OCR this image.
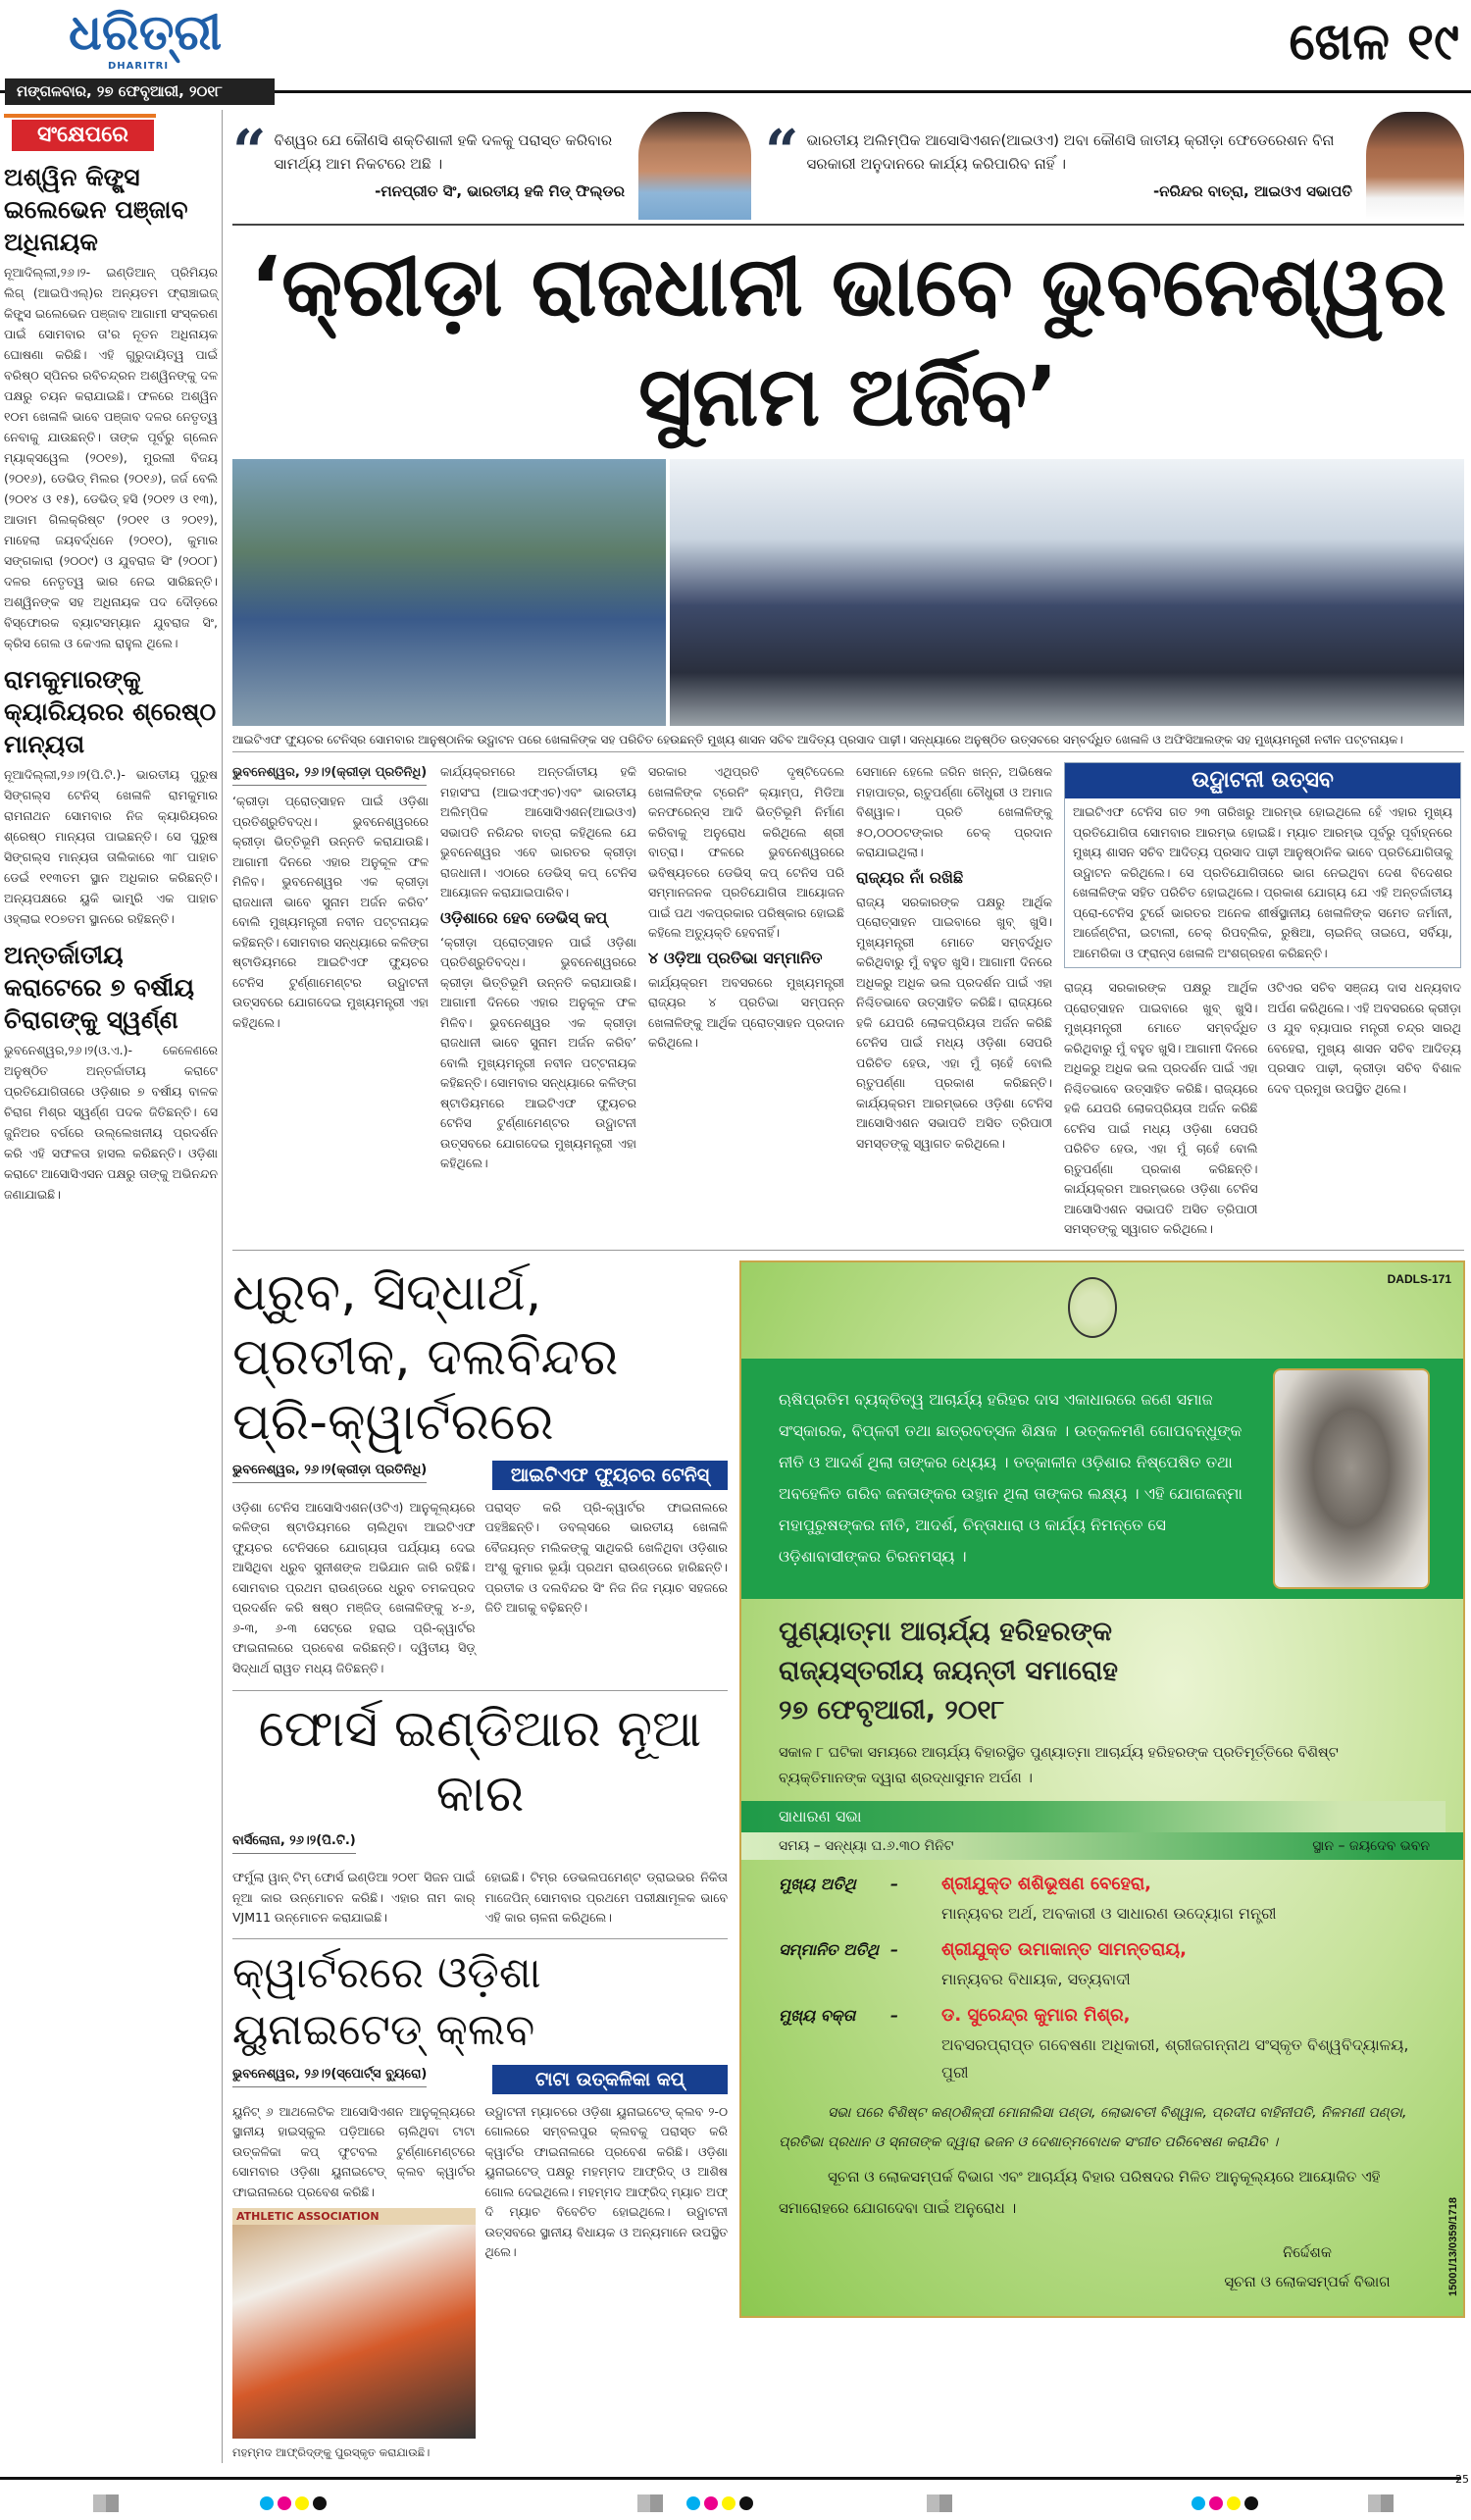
ଧରିତ୍ରୀ
DHARITRI	ଖେଳ ୧୯
ମଙ୍ଗଳବାର, ୨୭ ଫେବୃଆରୀ, ୨୦୧୮
ସଂକ୍ଷେପରେ
ଅଶ୍ୱିନ କିଙ୍ଗ୍ସ ଇଲେଭେନ ପଞ୍ଜାବ ଅଧିନାୟକ

ନୂଆଦିଲ୍ଲୀ,୨୬।୨- ଇଣ୍ଡିଆନ୍ ପ୍ରିମିୟର ଲିଗ୍ (ଆଇପିଏଲ୍)ର ଅନ୍ୟତମ ଫ୍ରାଞ୍ଚାଇଜ୍ କିଙ୍ଗ୍ସ ଇଲେଭେନ ପଞ୍ଜାବ ଆଗାମୀ ସଂସ୍କରଣ ପାଇଁ ସୋମବାର ତା'ର ନୂତନ ଅଧିନାୟକ ଘୋଷଣା କରିଛି। ଏହି ଗୁରୁଦାୟିତ୍ୱ ପାଇଁ ବରିଷ୍ଠ ସ୍ପିନର ରବିଚନ୍ଦ୍ରନ ଅଶ୍ୱିନଙ୍କୁ ଦଳ ପକ୍ଷରୁ ଚୟନ କରାଯାଇଛି। ଫଳରେ ଅଶ୍ୱିନ ୧୦ମ ଖେଳାଳି ଭାବେ ପଞ୍ଜାବ ଦଳର ନେତୃତ୍ୱ ନେବାକୁ ଯାଉଛନ୍ତି। ତାଙ୍କ ପୂର୍ବରୁ ଗ୍ଲେନ ମ୍ୟାକ୍ସୱେଲ (୨୦୧୭), ମୁରଲୀ ବିଜୟ (୨୦୧୬), ଡେଭିଡ୍ ମିଲର (୨୦୧୬), ଜର୍ଜ ବେଲି (୨୦୧୪ ଓ ୧୫), ଡେଭିଡ୍ ହସି (୨୦୧୨ ଓ ୧୩), ଆଡାମ ଗିଲକ୍ରିଷ୍ଟ (୨୦୧୧ ଓ ୨୦୧୨), ମାହେଲା ଜୟବର୍ଦ୍ଧନେ (୨୦୧୦), କୁମାର ସଙ୍ଗକାରା (୨୦୦୯) ଓ ଯୁବରାଜ ସିଂ (୨୦୦୮) ଦଳର ନେତୃତ୍ୱ ଭାର ନେଇ ସାରିଛନ୍ତି। ଅଶ୍ୱିନଙ୍କ ସହ ଅଧିନାୟକ ପଦ ଦୌଡ଼ରେ ବିସ୍ଫୋରକ ବ୍ୟାଟସମ୍ୟାନ ଯୁବରାଜ ସିଂ, କ୍ରିସ ଗେଲ ଓ କେଏଲ ରାହୁଲ ଥିଲେ।

ରାମକୁମାରଙ୍କୁ କ୍ୟାରିୟରର ଶ୍ରେଷ୍ଠ ମାନ୍ୟତା

ନୂଆଦିଲ୍ଲୀ,୨୬।୨(ପି.ଟି.)- ଭାରତୀୟ ପୁରୁଷ ସିଙ୍ଗଲ୍ସ ଟେନିସ୍ ଖେଳାଳି ରାମକୁମାର ରାମନାଥନ ସୋମବାର ନିଜ କ୍ୟାରିୟରର ଶ୍ରେଷ୍ଠ ମାନ୍ୟତା ପାଇଛନ୍ତି। ସେ ପୁରୁଷ ସିଙ୍ଗଲ୍ସ ମାନ୍ୟତା ତାଲିକାରେ ୩୮ ପାହାଚ ଡେଇଁ ୧୧୩ତମ ସ୍ଥାନ ଅଧିକାର କରିଛନ୍ତି। ଅନ୍ୟପକ୍ଷରେ ୟୁକି ଭାମ୍ବ୍ରି ଏକ ପାହାଚ ଓହ୍ଲାଇ ୧୦୭ତମ ସ୍ଥାନରେ ରହିଛନ୍ତି।

ଅନ୍ତର୍ଜାତୀୟ କରାଟେରେ ୭ ବର୍ଷୀୟ ଚିରାଗଙ୍କୁ ସ୍ୱର୍ଣ୍ଣ

ଭୁବନେଶ୍ୱର,୨୬।୨(ଓ.ଏ.)- କେଳେଣରେ ଅନୁଷ୍ଠିତ ଅନ୍ତର୍ଜାତୀୟ କରାଟେ ପ୍ରତିଯୋଗିତାରେ ଓଡ଼ିଶାର ୭ ବର୍ଷୀୟ ବାଳକ ଚିରାଗ ମିଶ୍ର ସ୍ୱର୍ଣ୍ଣ ପଦକ ଜିତିଛନ୍ତି। ସେ ଜୁନିଅର ବର୍ଗରେ ଉଲ୍ଲେଖନୀୟ ପ୍ରଦର୍ଶନ କରି ଏହି ସଫଳତା ହାସଲ କରିଛନ୍ତି। ଓଡ଼ିଶା କରାଟେ ଆସୋସିଏସନ ପକ୍ଷରୁ ତାଙ୍କୁ ଅଭିନନ୍ଦନ ଜଣାଯାଇଛି।

“ ବିଶ୍ୱର ଯେ କୌଣସି ଶକ୍ତିଶାଳୀ ହକି ଦଳକୁ ପରାସ୍ତ କରିବାର ସାମର୍ଥ୍ୟ ଆମ ନିକଟରେ ଅଛି ।
-ମନପ୍ରୀତ ସିଂ, ଭାରତୀୟ ହକି ମିଡ୍ ଫିଲ୍ଡର
“ ଭାରତୀୟ ଅଲିମ୍ପିକ ଆସୋସିଏଶନ(ଆଇଓଏ) ଅବା କୌଣସି ଜାତୀୟ କ୍ରୀଡ଼ା ଫେଡେରେଶନ ବିନା ସରକାରୀ ଅନୁଦାନରେ କାର୍ଯ୍ୟ କରିପାରିବ ନାହିଁ ।
-ନରିନ୍ଦର ବାତ୍ରା, ଆଇଓଏ ସଭାପତି
‘କ୍ରୀଡ଼ା ରାଜଧାନୀ ଭାବେ ଭୁବନେଶ୍ୱର ସୁନାମ ଅର୍ଜିବ’
ଆଇଟିଏଫ ଫ୍ୟୁଚର ଟେନିସ୍ର ସୋମବାର ଆନୁଷ୍ଠାନିକ ଉଦ୍ଘାଟନ ପରେ ଖେଳାଳିଙ୍କ ସହ ପରିଚିତ ହେଉଛନ୍ତି ମୁଖ୍ୟ ଶାସନ ସଚିବ ଆଦିତ୍ୟ ପ୍ରସାଦ ପାଢ଼ୀ। ସନ୍ଧ୍ୟାରେ ଅନୁଷ୍ଠିତ ଉତ୍ସବରେ ସମ୍ବର୍ଦ୍ଧିତ ଖେଳାଳି ଓ ଅଫିସିଆଲଙ୍କ ସହ ମୁଖ୍ୟମନ୍ତ୍ରୀ ନବୀନ ପଟ୍ଟନାୟକ।
ଭୁବନେଶ୍ୱର, ୨୬।୨(କ୍ରୀଡ଼ା ପ୍ରତିନିଧି)

‘କ୍ରୀଡ଼ା ପ୍ରୋତ୍ସାହନ ପାଇଁ ଓଡ଼ିଶା ପ୍ରତିଶ୍ରୁତିବଦ୍ଧ। ଭୁବନେଶ୍ୱରରେ କ୍ରୀଡ଼ା ଭିତ୍ତିଭୂମି ଉନ୍ନତି କରାଯାଉଛି। ଆଗାମୀ ଦିନରେ ଏହାର ଅନୁକୂଳ ଫଳ ମିଳିବ। ଭୁବନେଶ୍ୱର ଏକ କ୍ରୀଡ଼ା ରାଜଧାନୀ ଭାବେ ସୁନାମ ଅର୍ଜନ କରିବ’ ବୋଲି ମୁଖ୍ୟମନ୍ତ୍ରୀ ନବୀନ ପଟ୍ଟନାୟକ କହିଛନ୍ତି। ସୋମବାର ସନ୍ଧ୍ୟାରେ କଳିଙ୍ଗ ଷ୍ଟାଡିୟମରେ ଆଇଟିଏଫ ଫ୍ୟୁଚର ଟେନିସ ଟୁର୍ଣ୍ଣାମେଣ୍ଟର ଉଦ୍ଘାଟନୀ ଉତ୍ସବରେ ଯୋଗଦେଇ ମୁଖ୍ୟମନ୍ତ୍ରୀ ଏହା କହିଥିଲେ।

କାର୍ଯ୍ୟକ୍ରମରେ ଅନ୍ତର୍ଜାତୀୟ ହକି ମହାସଂଘ (ଆଇଏଫ୍ଏଚ)ଏବଂ ଭାରତୀୟ ଅଲିମ୍ପିକ ଆସୋସିଏଶନ(ଆଇଓଏ) ସଭାପତି ନରିନ୍ଦର ବାତ୍ରା କହିଥିଲେ ଯେ ଭୁବନେଶ୍ୱର ଏବେ ଭାରତର କ୍ରୀଡ଼ା ରାଜଧାନୀ। ଏଠାରେ ଡେଭିସ୍ କପ୍ ଟେନିସ ଆୟୋଜନ କରାଯାଇପାରିବ।

ଓଡ଼ିଶାରେ ହେବ ଡେଭିସ୍ କପ୍

‘କ୍ରୀଡ଼ା ପ୍ରୋତ୍ସାହନ ପାଇଁ ଓଡ଼ିଶା ପ୍ରତିଶ୍ରୁତିବଦ୍ଧ। ଭୁବନେଶ୍ୱରରେ କ୍ରୀଡ଼ା ଭିତ୍ତିଭୂମି ଉନ୍ନତି କରାଯାଉଛି। ଆଗାମୀ ଦିନରେ ଏହାର ଅନୁକୂଳ ଫଳ ମିଳିବ। ଭୁବନେଶ୍ୱର ଏକ କ୍ରୀଡ଼ା ରାଜଧାନୀ ଭାବେ ସୁନାମ ଅର୍ଜନ କରିବ’ ବୋଲି ମୁଖ୍ୟମନ୍ତ୍ରୀ ନବୀନ ପଟ୍ଟନାୟକ କହିଛନ୍ତି। ସୋମବାର ସନ୍ଧ୍ୟାରେ କଳିଙ୍ଗ ଷ୍ଟାଡିୟମରେ ଆଇଟିଏଫ ଫ୍ୟୁଚର ଟେନିସ ଟୁର୍ଣ୍ଣାମେଣ୍ଟର ଉଦ୍ଘାଟନୀ ଉତ୍ସବରେ ଯୋଗଦେଇ ମୁଖ୍ୟମନ୍ତ୍ରୀ ଏହା କହିଥିଲେ।

ସରକାର ଏଥିପ୍ରତି ଦୃଷ୍ଟିଦେଲେ ଖେଳାଳିଙ୍କ ଟ୍ରେନିଂ କ୍ୟାମ୍ପ, ମିଡିଆ କନଫରେନ୍ସ ଆଦି ଭିତ୍ତିଭୂମି ନିର୍ମାଣ କରିବାକୁ ଅନୁରୋଧ କରିଥିଲେ ଶ୍ରୀ ବାତ୍ରା। ଫଳରେ ଭୁବନେଶ୍ୱରରେ ଭବିଷ୍ୟତରେ ଡେଭିସ୍ କପ୍ ଟେନିସ ପରି ସମ୍ମାନଜନକ ପ୍ରତିଯୋଗିତା ଆୟୋଜନ ପାଇଁ ପଥ ଏକପ୍ରକାର ପରିଷ୍କାର ହୋଇଛି କହିଲେ ଅତ୍ୟୁକ୍ତି ହେବନାହିଁ।

୪ ଓଡ଼ିଆ ପ୍ରତିଭା ସମ୍ମାନିତ

କାର୍ଯ୍ୟକ୍ରମ ଅବସରରେ ମୁଖ୍ୟମନ୍ତ୍ରୀ ରାଜ୍ୟର ୪ ପ୍ରତିଭା ସମ୍ପନ୍ନ ଖେଳାଳିଙ୍କୁ ଆର୍ଥିକ ପ୍ରୋତ୍ସାହନ ପ୍ରଦାନ କରିଥିଲେ।

ସେମାନେ ହେଲେ ଜରିନ ଖନ୍ନ, ଅଭିଷେକ ମହାପାତ୍ର, ଋତୁପର୍ଣ୍ଣା ଚୌଧୁରୀ ଓ ଅମାଜ ବିଶ୍ୱାଳ। ପ୍ରତି ଖେଳାଳିଙ୍କୁ ୫୦,୦୦୦ଟଙ୍କାର ଚେକ୍ ପ୍ରଦାନ କରାଯାଇଥିଲା।

ରାଜ୍ୟର ନାଁ ରଖିଛି

ରାଜ୍ୟ ସରକାରଙ୍କ ପକ୍ଷରୁ ଆର୍ଥିକ ପ୍ରୋତ୍ସାହନ ପାଇବାରେ ଖୁବ୍ ଖୁସି। ମୁଖ୍ୟମନ୍ତ୍ରୀ ମୋତେ ସମ୍ବର୍ଦ୍ଧିତ କରିଥିବାରୁ ମୁଁ ବହୁତ ଖୁସି। ଆଗାମୀ ଦିନରେ ଅଧିକରୁ ଅଧିକ ଭଲ ପ୍ରଦର୍ଶନ ପାଇଁ ଏହା ନିଶ୍ଚିତଭାବେ ଉତ୍ସାହିତ କରିଛି। ରାଜ୍ୟରେ ହକି ଯେପରି ଲୋକପ୍ରିୟତା ଅର୍ଜନ କରିଛି ଟେନିସ ପାଇଁ ମଧ୍ୟ ଓଡ଼ିଶା ସେପରି ପରିଚିତ ହେଉ, ଏହା ମୁଁ ଚାହେଁ ବୋଲି ଋତୁପର୍ଣ୍ଣା ପ୍ରକାଶ କରିଛନ୍ତି। କାର୍ଯ୍ୟକ୍ରମ ଆରମ୍ଭରେ ଓଡ଼ିଶା ଟେନିସ ଆସୋସିଏଶନ ସଭାପତି ଅସିତ ତ୍ରିପାଠୀ ସମସ୍ତଙ୍କୁ ସ୍ୱାଗତ କରିଥିଲେ।

ଉଦ୍ଘାଟନୀ ଉତ୍ସବ
ଆଇଟିଏଫ ଟେନିସ ଗତ ୨୩ ତାରିଖରୁ ଆରମ୍ଭ ହୋଇଥିଲେ ହେଁ ଏହାର ମୁଖ୍ୟ ପ୍ରତିଯୋଗିତା ସୋମବାର ଆରମ୍ଭ ହୋଇଛି। ମ୍ୟାଚ ଆରମ୍ଭ ପୂର୍ବରୁ ପୂର୍ବାହ୍ନରେ ମୁଖ୍ୟ ଶାସନ ସଚିବ ଆଦିତ୍ୟ ପ୍ରସାଦ ପାଢ଼ୀ ଆନୁଷ୍ଠାନିକ ଭାବେ ପ୍ରତିଯୋଗିତାକୁ ଉଦ୍ଘାଟନ କରିଥିଲେ। ସେ ପ୍ରତିଯୋଗିତାରେ ଭାଗ ନେଇଥିବା ଦେଶ ବିଦେଶର ଖେଳାଳିଙ୍କ ସହିତ ପରିଚିତ ହୋଇଥିଲେ। ପ୍ରକାଶ ଯୋଗ୍ୟ ଯେ ଏହି ଅନ୍ତର୍ଜାତୀୟ ପ୍ରୋ-ଟେନିସ ଟୁର୍ରେ ଭାରତର ଅନେକ ଶୀର୍ଷସ୍ଥାନୀୟ ଖେଳାଳିଙ୍କ ସମେତ ଜର୍ମାନୀ, ଆର୍ଜେଣ୍ଟିନା, ଇଟାଲୀ, ଚେକ୍ ରିପବ୍ଲିକ, ରୁଷିଆ, ଚାଇନିଜ୍ ତାଇପେ, ସର୍ବିୟା, ଆମେରିକା ଓ ଫ୍ରାନ୍ସ ଖେଳାଳି ଅଂଶଗ୍ରହଣ କରିଛନ୍ତି।
ରାଜ୍ୟ ସରକାରଙ୍କ ପକ୍ଷରୁ ଆର୍ଥିକ ପ୍ରୋତ୍ସାହନ ପାଇବାରେ ଖୁବ୍ ଖୁସି। ମୁଖ୍ୟମନ୍ତ୍ରୀ ମୋତେ ସମ୍ବର୍ଦ୍ଧିତ କରିଥିବାରୁ ମୁଁ ବହୁତ ଖୁସି। ଆଗାମୀ ଦିନରେ ଅଧିକରୁ ଅଧିକ ଭଲ ପ୍ରଦର୍ଶନ ପାଇଁ ଏହା ନିଶ୍ଚିତଭାବେ ଉତ୍ସାହିତ କରିଛି। ରାଜ୍ୟରେ ହକି ଯେପରି ଲୋକପ୍ରିୟତା ଅର୍ଜନ କରିଛି ଟେନିସ ପାଇଁ ମଧ୍ୟ ଓଡ଼ିଶା ସେପରି ପରିଚିତ ହେଉ, ଏହା ମୁଁ ଚାହେଁ ବୋଲି ଋତୁପର୍ଣ୍ଣା ପ୍ରକାଶ କରିଛନ୍ତି। କାର୍ଯ୍ୟକ୍ରମ ଆରମ୍ଭରେ ଓଡ଼ିଶା ଟେନିସ ଆସୋସିଏଶନ ସଭାପତି ଅସିତ ତ୍ରିପାଠୀ ସମସ୍ତଙ୍କୁ ସ୍ୱାଗତ କରିଥିଲେ।
ଓଟିଏର ସଚିବ ସଞ୍ଜୟ ଦାସ ଧନ୍ୟବାଦ ଅର୍ପଣ କରିଥିଲେ। ଏହି ଅବସରରେ କ୍ରୀଡ଼ା ଓ ଯୁବ ବ୍ୟାପାର ମନ୍ତ୍ରୀ ଚନ୍ଦ୍ର ସାରଥି ବେହେରା, ମୁଖ୍ୟ ଶାସନ ସଚିବ ଆଦିତ୍ୟ ପ୍ରସାଦ ପାଢ଼ୀ, କ୍ରୀଡ଼ା ସଚିବ ବିଶାଳ ଦେବ ପ୍ରମୁଖ ଉପସ୍ଥିତ ଥିଲେ।
ଧ୍ରୁବ, ସିଦ୍ଧାର୍ଥ, ପ୍ରତୀକ, ଦଲବିନ୍ଦର ପ୍ରି-କ୍ୱାର୍ଟରରେ
ଭୁବନେଶ୍ୱର, ୨୬।୨(କ୍ରୀଡ଼ା ପ୍ରତିନିଧି)	ଆଇଟିଏଫ ଫ୍ୟୁଚର ଟେନିସ୍
ଓଡ଼ିଶା ଟେନିସ ଆସୋସିଏଶନ(ଓଟିଏ) ଆନୁକୂଲ୍ୟରେ କଳିଙ୍ଗ ଷ୍ଟାଡିୟମରେ ଚାଲିଥିବା ଆଇଟିଏଫ ଫ୍ୟୁଚର ଟେନିସରେ ଯୋଗ୍ୟତା ପର୍ଯ୍ୟାୟ ଦେଇ ଆସିଥିବା ଧ୍ରୁବ ସୁନୀଶଙ୍କ ଅଭିଯାନ ଜାରି ରହିଛି। ସୋମବାର ପ୍ରଥମ ରାଉଣ୍ଡରେ ଧ୍ରୁବ ଚମକପ୍ରଦ ପ୍ରଦର୍ଶନ କରି ଷଷ୍ଠ ମଞ୍ଜିଡ୍ ଖେଳାଳିଙ୍କୁ ୪-୬, ୬-୩, ୬-୩ ସେଟ୍ରେ ହରାଇ ପ୍ରି-କ୍ୱାର୍ଟର ଫାଇନାଲରେ ପ୍ରବେଶ କରିଛନ୍ତି। ଦ୍ୱିତୀୟ ସିଡ଼୍ ସିଦ୍ଧାର୍ଥ ରାୱତ ମଧ୍ୟ ଜିତିଛନ୍ତି।
ପରାସ୍ତ କରି ପ୍ରି-କ୍ୱାର୍ଟର ଫାଇନାଲରେ ପହଞ୍ଚିଛନ୍ତି। ଡବଲ୍ସରେ ଭାରତୀୟ ଖେଳାଳି ବୈଜୟନ୍ତ ମଲିକଙ୍କୁ ସାଥିକରି ଖେଳିଥିବା ଓଡ଼ିଶାର ଅଂଶୁ କୁମାର ଭୂୟାଁ ପ୍ରଥମ ରାଉଣ୍ଡରେ ହାରିଛନ୍ତି। ପ୍ରତୀକ ଓ ଦଲବିନ୍ଦର ସିଂ ନିଜ ନିଜ ମ୍ୟାଚ ସହଜରେ ଜିତି ଆଗକୁ ବଢ଼ିଛନ୍ତି।
ଫୋର୍ସ ଇଣ୍ଡିଆର ନୂଆ କାର
ବାର୍ସିଲୋନା, ୨୬।୨(ପି.ଟି.)
ଫର୍ମୁଲା ୱାନ୍ ଟିମ୍ ଫୋର୍ସ ଇଣ୍ଡିଆ ୨୦୧୮ ସିଜନ ପାଇଁ ନୂଆ କାର ଉନ୍ମୋଚନ କରିଛି। ଏହାର ନାମ କାର୍ VJM11 ଉନ୍ମୋଚନ କରାଯାଇଛି।
ହୋଇଛି। ଟିମ୍ର ଡେଭଲପମେଣ୍ଟ ଡ୍ରାଇଭର ନିକିତା ମାଜେପିନ୍ ସୋମବାର ପ୍ରଥମେ ପରୀକ୍ଷାମୂଳକ ଭାବେ ଏହି କାର ଚାଳନା କରିଥିଲେ।
କ୍ୱାର୍ଟରରେ ଓଡ଼ିଶା ୟୁନାଇଟେଡ୍ କ୍ଲବ
ଭୁବନେଶ୍ୱର, ୨୬।୨(ସ୍ପୋର୍ଟ୍ସ ବ୍ୟୁରୋ)	ଟାଟା ଉତ୍କଳିକା କପ୍
ୟୁନିଟ୍ ୬ ଆଥଲେଟିକ ଆସୋସିଏଶନ ଆନୁକୂଲ୍ୟରେ ସ୍ଥାନୀୟ ହାଇସ୍କୁଲ ପଡ଼ିଆରେ ଚାଲିଥିବା ଟାଟା ଉତ୍କଳିକା କପ୍ ଫୁଟବଲ ଟୁର୍ଣ୍ଣାମେଣ୍ଟରେ ସୋମବାର ଓଡ଼ିଶା ୟୁନାଇଟେଡ୍ କ୍ଲବ କ୍ୱାର୍ଟର ଫାଇନାଲରେ ପ୍ରବେଶ କରିଛି।
ATHLETIC ASSOCIATION
ମହମ୍ମଦ ଆଫ୍ରିଦ୍ଙ୍କୁ ପୁରସ୍କୃତ କରାଯାଉଛି।
ଉଦ୍ଘାଟନୀ ମ୍ୟାଚରେ ଓଡ଼ିଶା ୟୁନାଇଟେଡ୍ କ୍ଲବ ୨-୦ ଗୋଲରେ ସମ୍ବଲପୁର କ୍ଲବକୁ ପରାସ୍ତ କରି କ୍ୱାର୍ଟର ଫାଇନାଲରେ ପ୍ରବେଶ କରିଛି। ଓଡ଼ିଶା ୟୁନାଇଟେଡ୍ ପକ୍ଷରୁ ମହମ୍ମଦ ଆଫ୍ରିଦ୍ ଓ ଆଶିଷ ଗୋଲ ଦେଇଥିଲେ। ମହମ୍ମଦ ଆଫ୍ରିଦ୍ ମ୍ୟାଚ ଅଫ୍ ଦି ମ୍ୟାଚ ବିବେଚିତ ହୋଇଥିଲେ। ଉଦ୍ଘାଟନୀ ଉତ୍ସବରେ ସ୍ଥାନୀୟ ବିଧାୟକ ଓ ଅନ୍ୟମାନେ ଉପସ୍ଥିତ ଥିଲେ।
DADLS-171
ଋଷିପ୍ରତିମ ବ୍ୟକ୍ତିତ୍ୱ ଆଚାର୍ଯ୍ୟ ହରିହର ଦାସ ଏକାଧାରରେ ଜଣେ ସମାଜ ସଂସ୍କାରକ, ବିପ୍ଳବୀ ତଥା ଛାତ୍ରବତ୍ସଳ ଶିକ୍ଷକ । ଉତ୍କଳମଣି ଗୋପବନ୍ଧୁଙ୍କ ନୀତି ଓ ଆଦର୍ଶ ଥିଲା ତାଙ୍କର ଧ୍ୟେୟ । ତତ୍କାଳୀନ ଓଡ଼ିଶାର ନିଷ୍ପେଷିତ ତଥା ଅବହେଳିତ ଗରିବ ଜନତାଙ୍କର ଉତ୍ଥାନ ଥିଲା ତାଙ୍କର ଲକ୍ଷ୍ୟ । ଏହି ଯୋଗଜନ୍ମା ମହାପୁରୁଷଙ୍କର ନୀତି, ଆଦର୍ଶ, ଚିନ୍ତାଧାରା ଓ କାର୍ଯ୍ୟ ନିମନ୍ତେ ସେ ଓଡ଼ିଶାବାସୀଙ୍କର ଚିରନମସ୍ୟ ।
ପୁଣ୍ୟାତ୍ମା ଆଚାର୍ଯ୍ୟ ହରିହରଙ୍କ
ରାଜ୍ୟସ୍ତରୀୟ ଜୟନ୍ତୀ ସମାରୋହ
୨୭ ଫେବୃଆରୀ, ୨୦୧୮
ସକାଳ ୮ ଘଟିକା ସମୟରେ ଆଚାର୍ଯ୍ୟ ବିହାରସ୍ଥିତ ପୁଣ୍ୟାତ୍ମା ଆଚାର୍ଯ୍ୟ ହରିହରଙ୍କ ପ୍ରତିମୂର୍ତ୍ତିରେ ବିଶିଷ୍ଟ ବ୍ୟକ୍ତିମାନଙ୍କ ଦ୍ୱାରା ଶ୍ରଦ୍ଧାସୁମନ ଅର୍ପଣ ।
ସାଧାରଣ ସଭା
ସମୟ – ସନ୍ଧ୍ୟା ଘ.୬.୩୦ ମିନିଟ	ସ୍ଥାନ – ଜୟଦେବ ଭବନ
ମୁଖ୍ୟ ଅତିଥି	–	ଶ୍ରୀଯୁକ୍ତ ଶଶିଭୂଷଣ ବେହେରା,
ମାନ୍ୟବର ଅର୍ଥ, ଅବକାରୀ ଓ ସାଧାରଣ ଉଦ୍ୟୋଗ ମନ୍ତ୍ରୀ
ସମ୍ମାନିତ ଅତିଥି –	ଶ୍ରୀଯୁକ୍ତ ଉମାକାନ୍ତ ସାମନ୍ତରାୟ,
ମାନ୍ୟବର ବିଧାୟକ, ସତ୍ୟବାଦୀ
ମୁଖ୍ୟ ବକ୍ତା	–	ଡ. ସୁରେନ୍ଦ୍ର କୁମାର ମିଶ୍ର,
ଅବସରପ୍ରାପ୍ତ ଗବେଷଣା ଅଧିକାରୀ, ଶ୍ରୀଜଗନ୍ନାଥ ସଂସ୍କୃତ ବିଶ୍ୱବିଦ୍ୟାଳୟ, ପୁରୀ
ସଭା ପରେ ବିଶିଷ୍ଟ କଣ୍ଠଶିଳ୍ପୀ ମୋନାଲିସା ପଣ୍ଡା, ଲୋଭାବତୀ ବିଶ୍ୱାଳ, ପ୍ରଦୀପ ବାହିନୀପତି, ନିଳମଣୀ ପଣ୍ଡା, ପ୍ରତିଭା ପ୍ରଧାନ ଓ ସ୍ନାତାଙ୍କ ଦ୍ୱାରା ଭଜନ ଓ ଦେଶାତ୍ମବୋଧକ ସଂଗୀତ ପରିବେଷଣ କରାଯିବ ।
ସୂଚନା ଓ ଲୋକସମ୍ପର୍କ ବିଭାଗ ଏବଂ ଆଚାର୍ଯ୍ୟ ବିହାର ପରିଷଦର ମିଳିତ ଆନୁକୂଲ୍ୟରେ ଆୟୋଜିତ ଏହି ସମାରୋହରେ ଯୋଗଦେବା ପାଇଁ ଅନୁରୋଧ ।
ନିର୍ଦ୍ଦେଶକ
ସୂଚନା ଓ ଲୋକସମ୍ପର୍କ ବିଭାଗ	15001/13/0359/1718
25
